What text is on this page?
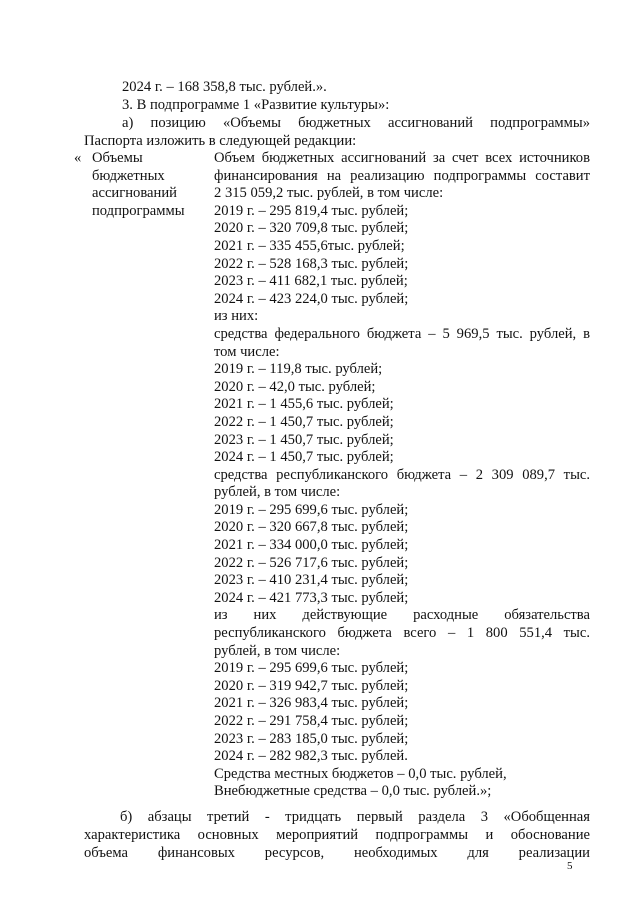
2024 г. – 168 358,8 тыс. рублей.».
3. В подпрограмме 1 «Развитие культуры»:
а) позицию «Объемы бюджетных ассигнований подпрограммы»
Паспорта изложить в следующей редакции:
« Объемы
бюджетных
ассигнований
подпрограммы
Объем бюджетных ассигнований за счет всех источников
финансирования на реализацию подпрограммы составит
2 315 059,2 тыс. рублей, в том числе:
2019 г. – 295 819,4 тыс. рублей;
2020 г. – 320 709,8 тыс. рублей;
2021 г. – 335 455,6тыс. рублей;
2022 г. – 528 168,3 тыс. рублей;
2023 г. – 411 682,1 тыс. рублей;
2024 г. – 423 224,0 тыс. рублей;
из них:
средства федерального бюджета – 5 969,5 тыс. рублей, в
том числе:
2019 г. – 119,8 тыс. рублей;
2020 г. – 42,0 тыс. рублей;
2021 г. – 1 455,6 тыс. рублей;
2022 г. – 1 450,7 тыс. рублей;
2023 г. – 1 450,7 тыс. рублей;
2024 г. – 1 450,7 тыс. рублей;
средства республиканского бюджета – 2 309 089,7 тыс.
рублей, в том числе:
2019 г. – 295 699,6 тыс. рублей;
2020 г. – 320 667,8 тыс. рублей;
2021 г. – 334 000,0 тыс. рублей;
2022 г. – 526 717,6 тыс. рублей;
2023 г. – 410 231,4 тыс. рублей;
2024 г. – 421 773,3 тыс. рублей;
из них действующие расходные обязательства
республиканского бюджета всего – 1 800 551,4 тыс.
рублей, в том числе:
2019 г. – 295 699,6 тыс. рублей;
2020 г. – 319 942,7 тыс. рублей;
2021 г. – 326 983,4 тыс. рублей;
2022 г. – 291 758,4 тыс. рублей;
2023 г. – 283 185,0 тыс. рублей;
2024 г. – 282 982,3 тыс. рублей.
Средства местных бюджетов – 0,0 тыс. рублей,
Внебюджетные средства – 0,0 тыс. рублей.»;
б) абзацы третий - тридцать первый раздела 3 «Обобщенная
характеристика основных мероприятий подпрограммы и обоснование
объема финансовых ресурсов, необходимых для реализации
5
